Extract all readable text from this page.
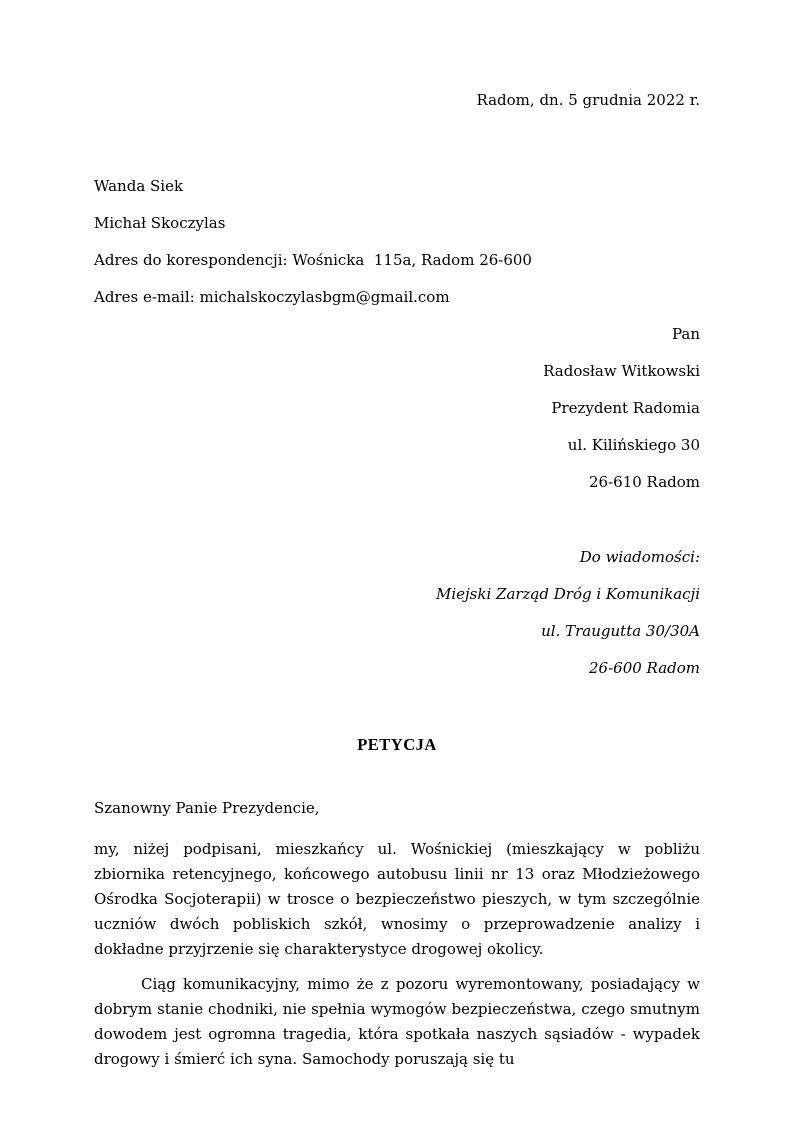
Radom, dn. 5 grudnia 2022 r.

Wanda Siek

Michał Skoczylas

Adres do korespondencji: Wośnicka  115a, Radom 26-600

Adres e-mail: michalskoczylasbgm@gmail.com

Pan

Radosław Witkowski

Prezydent Radomia

ul. Kilińskiego 30

26-610 Radom

Do wiadomości:

Miejski Zarząd Dróg i Komunikacji

ul. Traugutta 30/30A

26-600 Radom

PETYCJA

Szanowny Panie Prezydencie,

my, niżej podpisani, mieszkańcy ul. Wośnickiej (mieszkający w pobliżu zbiornika retencyjnego, końcowego autobusu linii nr 13 oraz Młodzieżowego Ośrodka Socjoterapii) w trosce o bezpieczeństwo pieszych, w tym szczególnie uczniów dwóch pobliskich szkół, wnosimy o przeprowadzenie analizy i dokładne przyjrzenie się charakterystyce drogowej okolicy.

Ciąg komunikacyjny, mimo że z pozoru wyremontowany, posiadający w dobrym stanie chodniki, nie spełnia wymogów bezpieczeństwa, czego smutnym dowodem jest ogromna tragedia, która spotkała naszych sąsiadów - wypadek drogowy i śmierć ich syna. Samochody poruszają się tu
